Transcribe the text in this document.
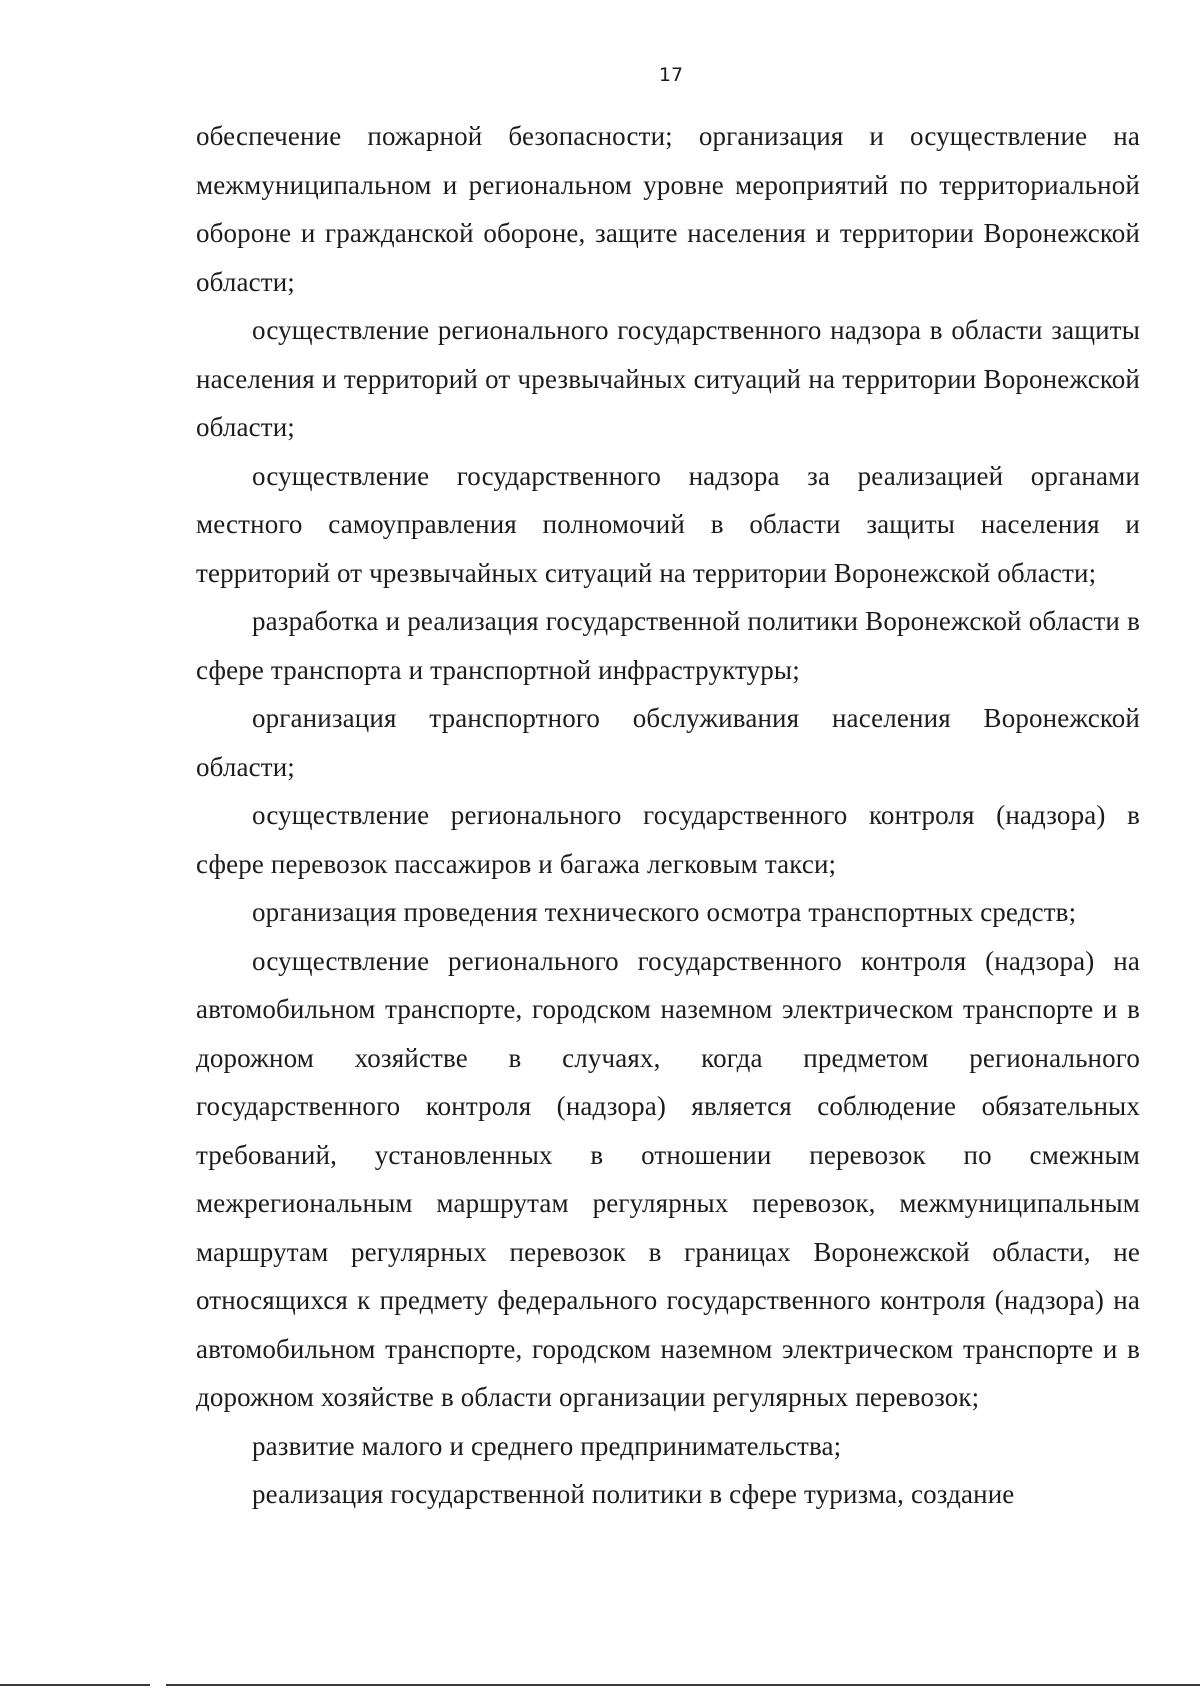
17

обеспечение пожарной безопасности; организация и осуществление на межмуниципальном и региональном уровне мероприятий по территориальной обороне и гражданской обороне, защите населения и территории Воронежской области;

осуществление регионального государственного надзора в области защиты населения и территорий от чрезвычайных ситуаций на территории Воронежской области;

осуществление государственного надзора за реализацией органами местного самоуправления полномочий в области защиты населения и территорий от чрезвычайных ситуаций на территории Воронежской области;

разработка и реализация государственной политики Воронежской области в сфере транспорта и транспортной инфраструктуры;

организация транспортного обслуживания населения Воронежской области;

осуществление регионального государственного контроля (надзора) в сфере перевозок пассажиров и багажа легковым такси;

организация проведения технического осмотра транспортных средств;

осуществление регионального государственного контроля (надзора) на автомобильном транспорте, городском наземном электрическом транспорте и в дорожном хозяйстве в случаях, когда предметом регионального государственного контроля (надзора) является соблюдение обязательных требований, установленных в отношении перевозок по смежным межрегиональным маршрутам регулярных перевозок, межмуниципальным маршрутам регулярных перевозок в границах Воронежской области, не относящихся к предмету федерального государственного контроля (надзора) на автомобильном транспорте, городском наземном электрическом транспорте и в дорожном хозяйстве в области организации регулярных перевозок;

развитие малого и среднего предпринимательства;

реализация государственной политики в сфере туризма, создание
